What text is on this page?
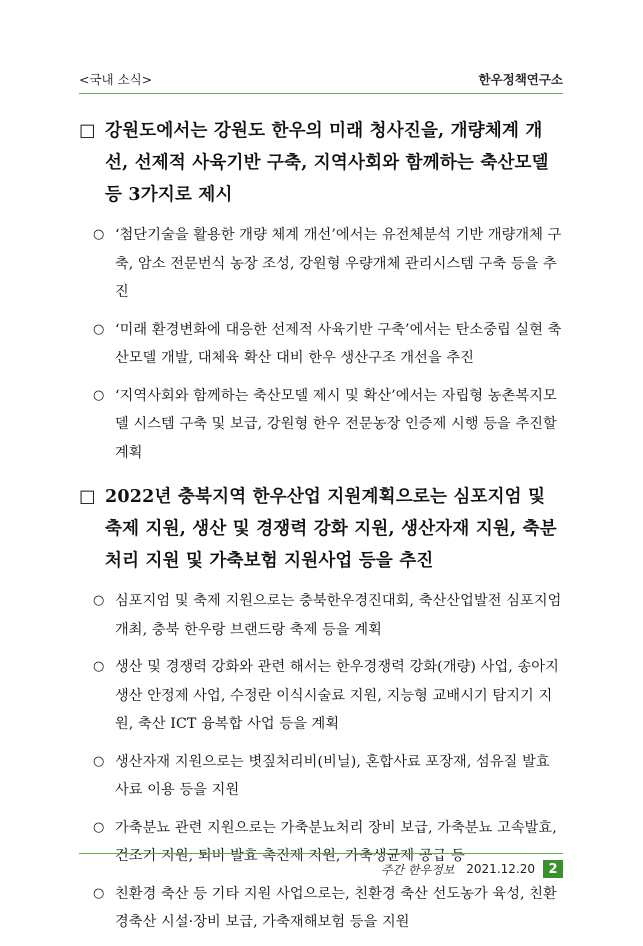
<국내 소식>	한우정책연구소
□ 강원도에서는 강원도 한우의 미래 청사진을, 개량체계 개선, 선제적 사육기반 구축, 지역사회와 함께하는 축산모델 등 3가지로 제시
○ ‘첨단기술을 활용한 개량 체계 개선’에서는 유전체분석 기반 개량개체 구축, 암소 전문번식 농장 조성, 강원형 우량개체 관리시스템 구축 등을 추진
○ ‘미래 환경변화에 대응한 선제적 사육기반 구축’에서는 탄소중립 실현 축산모델 개발, 대체육 확산 대비 한우 생산구조 개선을 추진
○ ‘지역사회와 함께하는 축산모델 제시 및 확산’에서는 자립형 농촌복지모델 시스템 구축 및 보급, 강원형 한우 전문농장 인증제 시행 등을 추진할 계획
□ 2022년 충북지역 한우산업 지원계획으로는 심포지엄 및 축제 지원, 생산 및 경쟁력 강화 지원, 생산자재 지원, 축분처리 지원 및 가축보험 지원사업 등을 추진
○ 심포지엄 및 축제 지원으로는 충북한우경진대회, 축산산업발전 심포지엄 개최, 충북 한우랑 브랜드랑 축제 등을 계획
○ 생산 및 경쟁력 강화와 관련 해서는 한우경쟁력 강화(개량) 사업, 송아지생산 안정제 사업, 수정란 이식시술료 지원, 지능형 교배시기 탐지기 지원, 축산 ICT 융복합 사업 등을 계획
○ 생산자재 지원으로는 볏짚처리비(비닐), 혼합사료 포장재, 섬유질 발효사료 이용 등을 지원
○ 가축분뇨 관련 지원으로는 가축분뇨처리 장비 보급, 가축분뇨 고속발효, 건조기 지원, 퇴비 발효 촉진제 지원, 가축생균제 공급 등
○ 친환경 축산 등 기타 지원 사업으로는, 친환경 축산 선도농가 육성, 친환경축산 시설·장비 보급, 가축재해보험 등을 지원
주간 한우정보 2021.12.20	2
